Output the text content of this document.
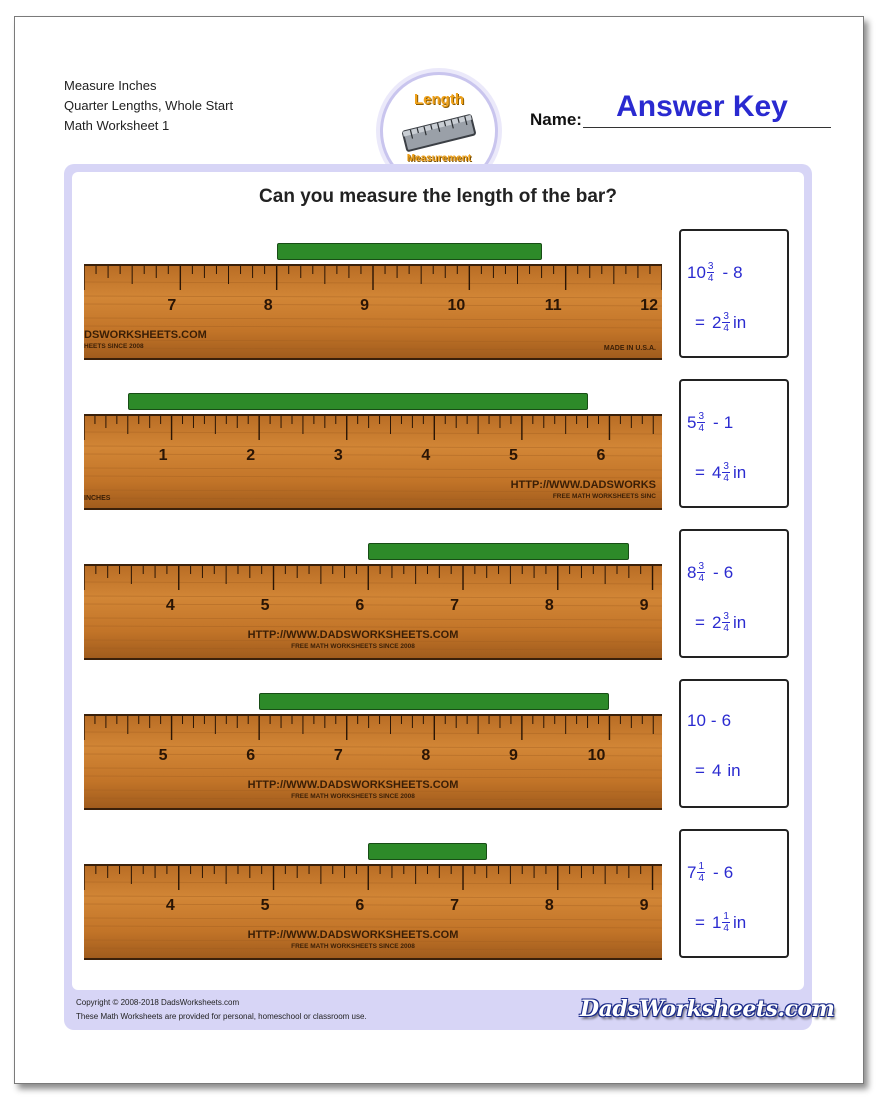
Measure Inches
Quarter Lengths, Whole Start
Math Worksheet 1
Length
Measurement
Name:	Answer Key
Can you measure the length of the bar?
7	8	9	10	11	12
DSWORKSHEETS.COM
HEETS SINCE 2008	MADE IN U.S.A.
$10 \frac{3}{4} - 8$
= $2 \frac{3}{4}$ in
1	2	3	4	5	6
INCHES
HTTP://WWW.DADSWORKS
FREE MATH WORKSHEETS SINC
$5 \frac{3}{4} - 1$
= $4 \frac{3}{4}$ in
4	5	6	7	8	9
HTTP://WWW.DADSWORKSHEETS.COM
FREE MATH WORKSHEETS SINCE 2008
$8 \frac{3}{4} - 6$
= $2 \frac{3}{4}$ in
5	6	7	8	9	10
HTTP://WWW.DADSWORKSHEETS.COM
FREE MATH WORKSHEETS SINCE 2008
10 - 6
= 4 in
4	5	6	7	8	9
HTTP://WWW.DADSWORKSHEETS.COM
FREE MATH WORKSHEETS SINCE 2008
$7 \frac{1}{4} - 6$
= $1 \frac{1}{4}$ in
Copyright © 2008-2018 DadsWorksheets.com
These Math Worksheets are provided for personal, homeschool or classroom use.	DadsWorksheets.com
